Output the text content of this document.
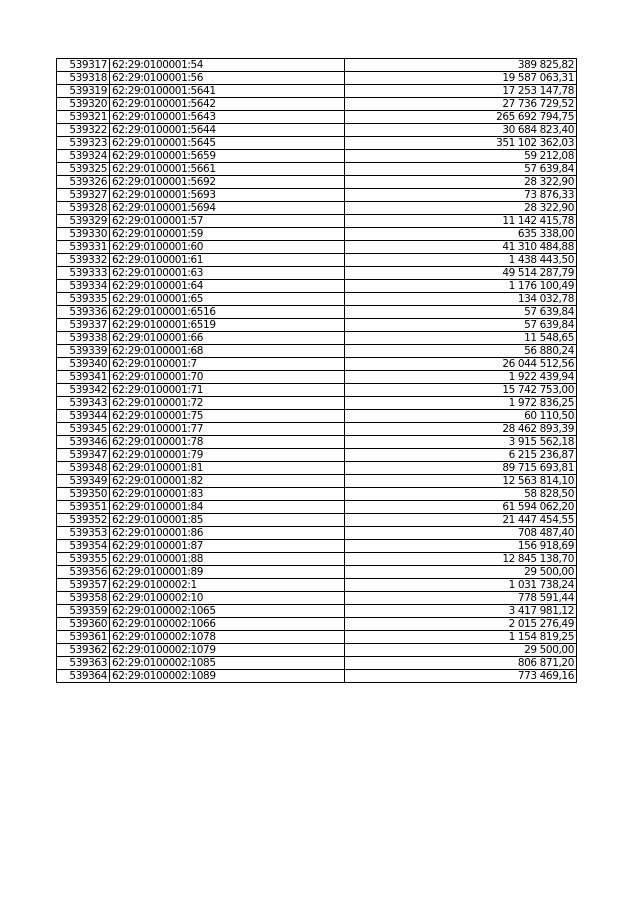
539317	62:29:0100001:54	389 825,82
539318	62:29:0100001:56	19 587 063,31
539319	62:29:0100001:5641	17 253 147,78
539320	62:29:0100001:5642	27 736 729,52
539321	62:29:0100001:5643	265 692 794,75
539322	62:29:0100001:5644	30 684 823,40
539323	62:29:0100001:5645	351 102 362,03
539324	62:29:0100001:5659	59 212,08
539325	62:29:0100001:5661	57 639,84
539326	62:29:0100001:5692	28 322,90
539327	62:29:0100001:5693	73 876,33
539328	62:29:0100001:5694	28 322,90
539329	62:29:0100001:57	11 142 415,78
539330	62:29:0100001:59	635 338,00
539331	62:29:0100001:60	41 310 484,88
539332	62:29:0100001:61	1 438 443,50
539333	62:29:0100001:63	49 514 287,79
539334	62:29:0100001:64	1 176 100,49
539335	62:29:0100001:65	134 032,78
539336	62:29:0100001:6516	57 639,84
539337	62:29:0100001:6519	57 639,84
539338	62:29:0100001:66	11 548,65
539339	62:29:0100001:68	56 880,24
539340	62:29:0100001:7	26 044 512,56
539341	62:29:0100001:70	1 922 439,94
539342	62:29:0100001:71	15 742 753,00
539343	62:29:0100001:72	1 972 836,25
539344	62:29:0100001:75	60 110,50
539345	62:29:0100001:77	28 462 893,39
539346	62:29:0100001:78	3 915 562,18
539347	62:29:0100001:79	6 215 236,87
539348	62:29:0100001:81	89 715 693,81
539349	62:29:0100001:82	12 563 814,10
539350	62:29:0100001:83	58 828,50
539351	62:29:0100001:84	61 594 062,20
539352	62:29:0100001:85	21 447 454,55
539353	62:29:0100001:86	708 487,40
539354	62:29:0100001:87	156 918,69
539355	62:29:0100001:88	12 845 138,70
539356	62:29:0100001:89	29 500,00
539357	62:29:0100002:1	1 031 738,24
539358	62:29:0100002:10	778 591,44
539359	62:29:0100002:1065	3 417 981,12
539360	62:29:0100002:1066	2 015 276,49
539361	62:29:0100002:1078	1 154 819,25
539362	62:29:0100002:1079	29 500,00
539363	62:29:0100002:1085	806 871,20
539364	62:29:0100002:1089	773 469,16
